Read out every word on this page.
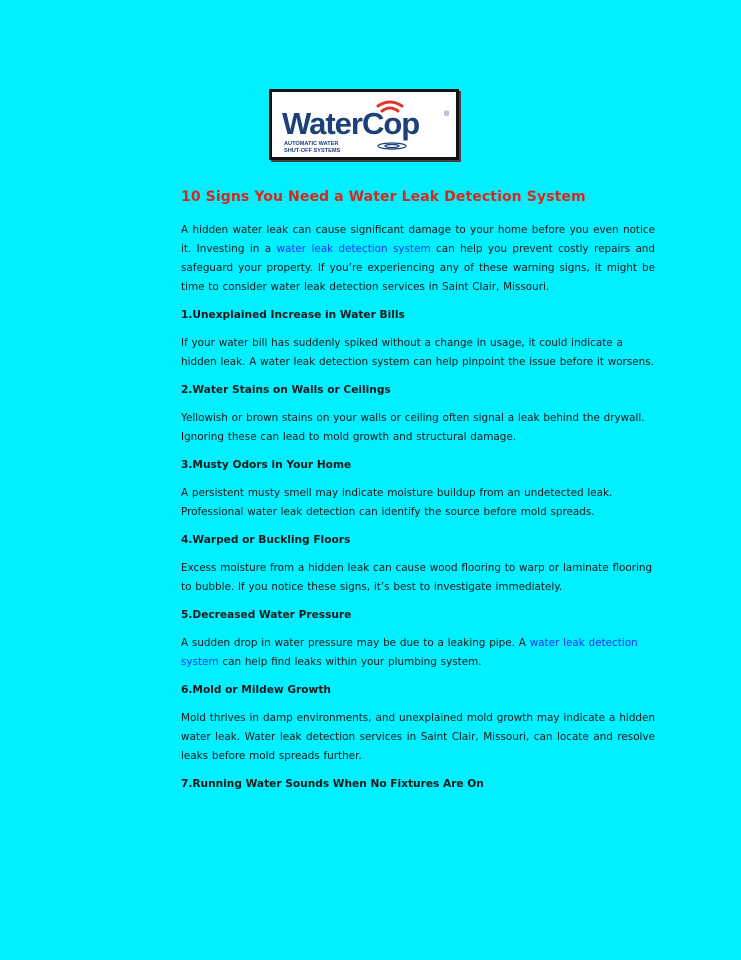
WaterCop	®
AUTOMATIC WATER
SHUT-OFF SYSTEMS
10 Signs You Need a Water Leak Detection System

A hidden water leak can cause significant damage to your home before you even notice it. Investing in a water leak detection system can help you prevent costly repairs and safeguard your property. If you’re experiencing any of these warning signs, it might be time to consider water leak detection services in Saint Clair, Missouri.

1.Unexplained Increase in Water Bills

If your water bill has suddenly spiked without a change in usage, it could indicate a hidden leak. A water leak detection system can help pinpoint the issue before it worsens.

2.Water Stains on Walls or Ceilings

Yellowish or brown stains on your walls or ceiling often signal a leak behind the drywall. Ignoring these can lead to mold growth and structural damage.

3.Musty Odors in Your Home

A persistent musty smell may indicate moisture buildup from an undetected leak. Professional water leak detection can identify the source before mold spreads.

4.Warped or Buckling Floors

Excess moisture from a hidden leak can cause wood flooring to warp or laminate flooring to bubble. If you notice these signs, it’s best to investigate immediately.

5.Decreased Water Pressure

A sudden drop in water pressure may be due to a leaking pipe. A water leak detection system can help find leaks within your plumbing system.

6.Mold or Mildew Growth

Mold thrives in damp environments, and unexplained mold growth may indicate a hidden water leak. Water leak detection services in Saint Clair, Missouri, can locate and resolve leaks before mold spreads further.

7.Running Water Sounds When No Fixtures Are On
